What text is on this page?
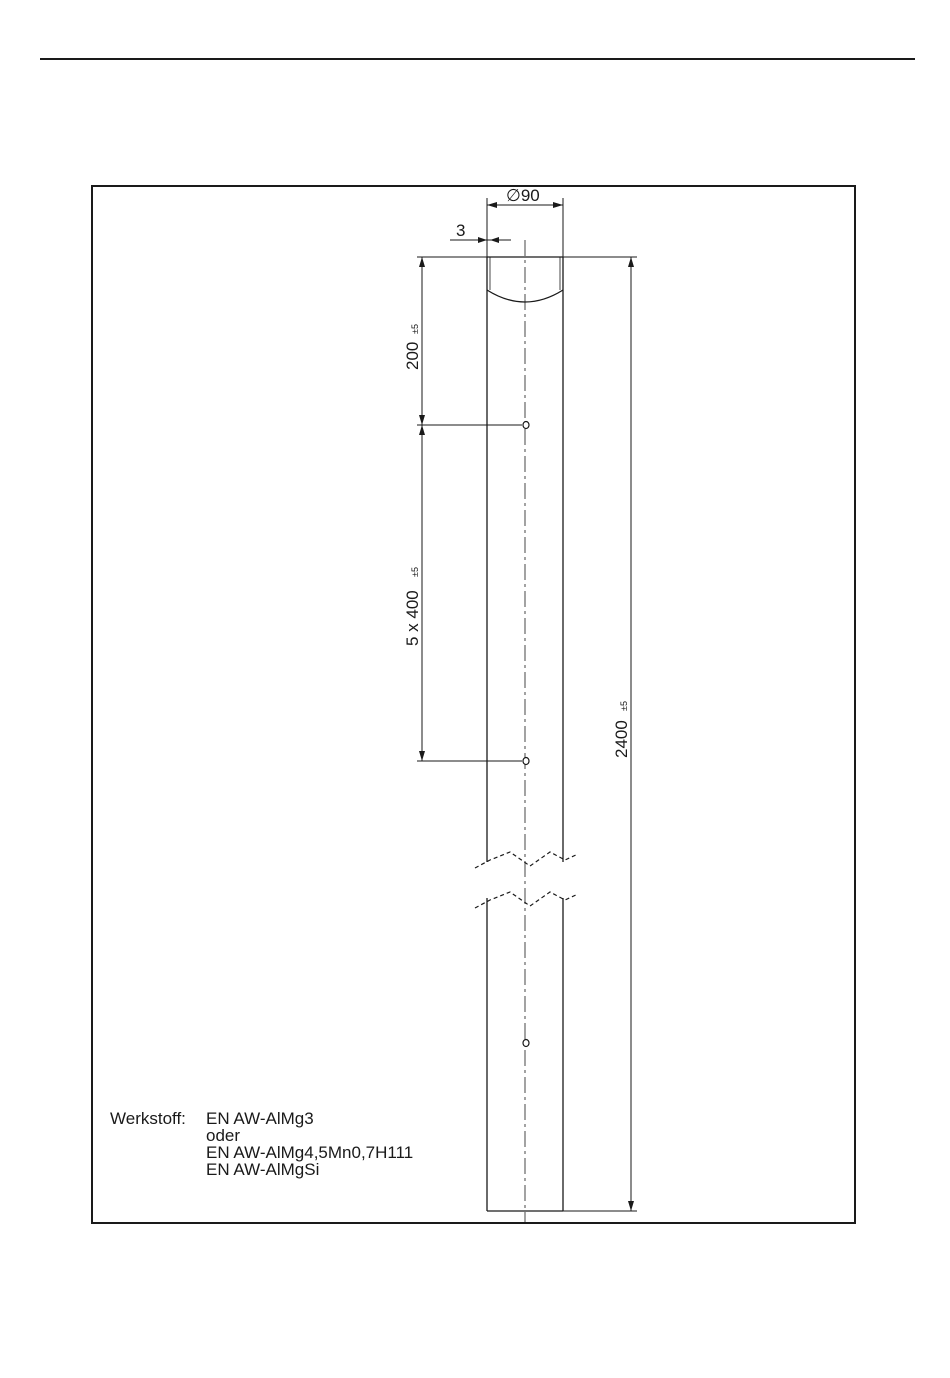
∅90
3
200
±5
5 x 400
±5
2400
±5
Werkstoff:	EN AW-AlMg3
oder
EN AW-AlMg4,5Mn0,7H111
EN AW-AlMgSi
